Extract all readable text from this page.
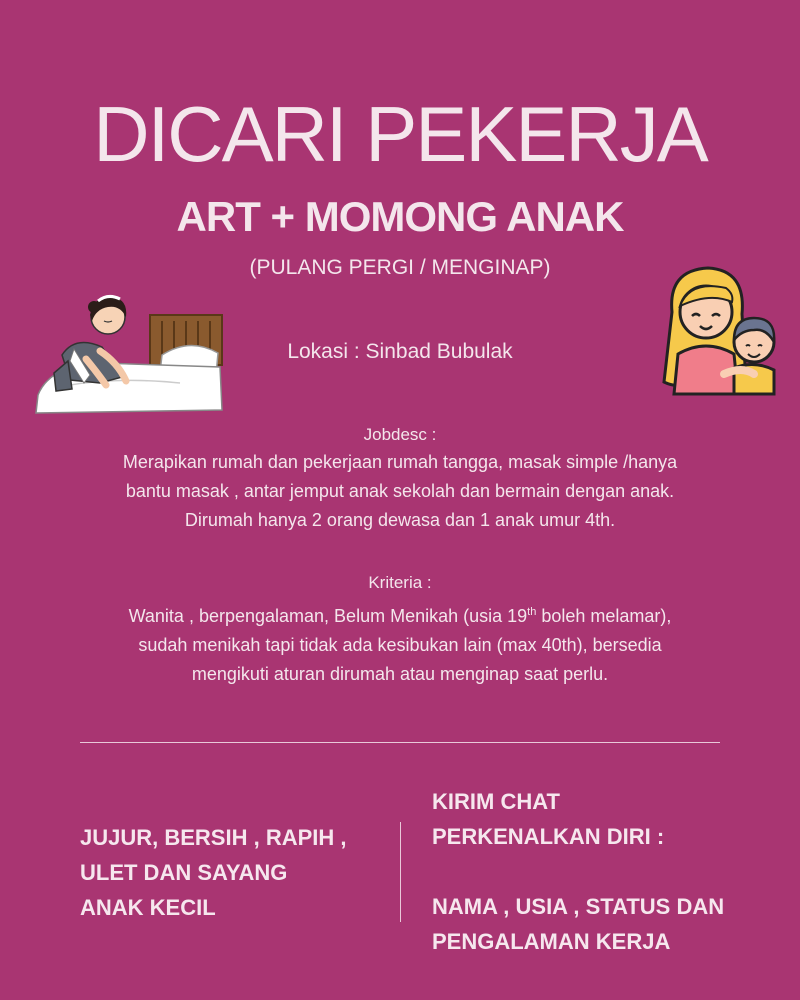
DICARI PEKERJA
ART + MOMONG ANAK
(PULANG PERGI / MENGINAP)
Lokasi : Sinbad Bubulak
Jobdesc :
Merapikan rumah dan pekerjaan rumah tangga, masak simple /hanya
bantu masak , antar jemput anak sekolah dan bermain dengan anak.
Dirumah hanya 2 orang dewasa dan 1 anak umur 4th.
Kriteria :
Wanita , berpengalaman, Belum Menikah (usia 19th boleh melamar),
sudah menikah tapi tidak ada kesibukan lain (max 40th), bersedia
mengikuti aturan dirumah atau menginap saat perlu.
JUJUR, BERSIH , RAPIH ,
ULET DAN SAYANG
ANAK KECIL
KIRIM CHAT
PERKENALKAN DIRI :
NAMA , USIA , STATUS DAN
PENGALAMAN KERJA
